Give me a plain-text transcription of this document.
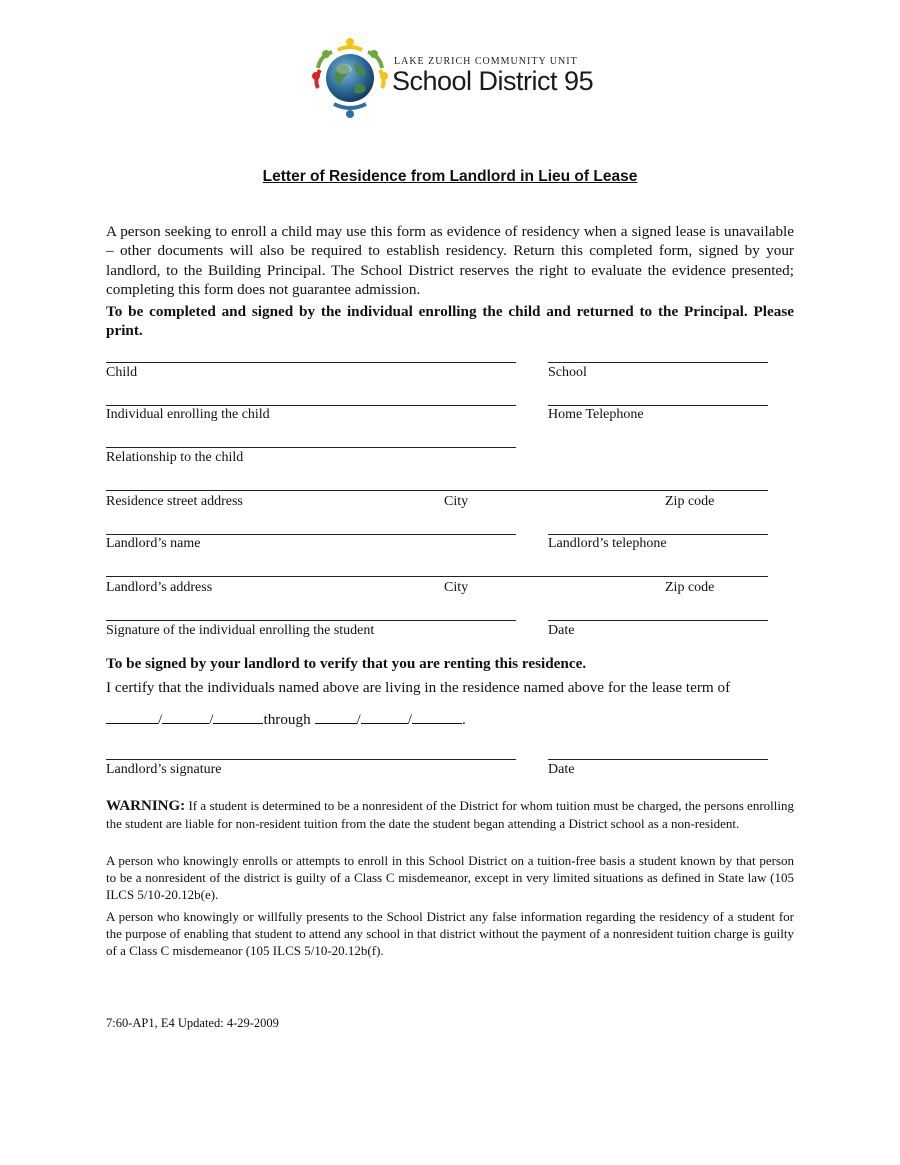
LAKE ZURICH COMMUNITY UNIT
School District 95
Letter of Residence from Landlord in Lieu of Lease
A person seeking to enroll a child may use this form as evidence of residency when a signed lease is unavailable – other documents will also be required to establish residency. Return this completed form, signed by your landlord, to the Building Principal. The School District reserves the right to evaluate the evidence presented; completing this form does not guarantee admission.
To be completed and signed by the individual enrolling the child and returned to the Principal. Please print.
Child	School
Individual enrolling the child	Home Telephone
Relationship to the child
Residence street address	City	Zip code
Landlord’s name	Landlord’s telephone
Landlord’s address	City	Zip code
Signature of the individual enrolling the student	Date
To be signed by your landlord to verify that you are renting this residence.
I certify that the individuals named above are living in the residence named above for the lease term of
/	/	through	/	/	.
Landlord’s signature	Date
WARNING: If a student is determined to be a nonresident of the District for whom tuition must be charged, the persons enrolling the student are liable for non-resident tuition from the date the student began attending a District school as a non-resident.
A person who knowingly enrolls or attempts to enroll in this School District on a tuition-free basis a student known by that person to be a nonresident of the district is guilty of a Class C misdemeanor, except in very limited situations as defined in State law (105 ILCS 5/10-20.12b(e).
A person who knowingly or willfully presents to the School District any false information regarding the residency of a student for the purpose of enabling that student to attend any school in that district without the payment of a nonresident tuition charge is guilty of a Class C misdemeanor (105 ILCS 5/10-20.12b(f).
7:60-AP1, E4 Updated: 4-29-2009
